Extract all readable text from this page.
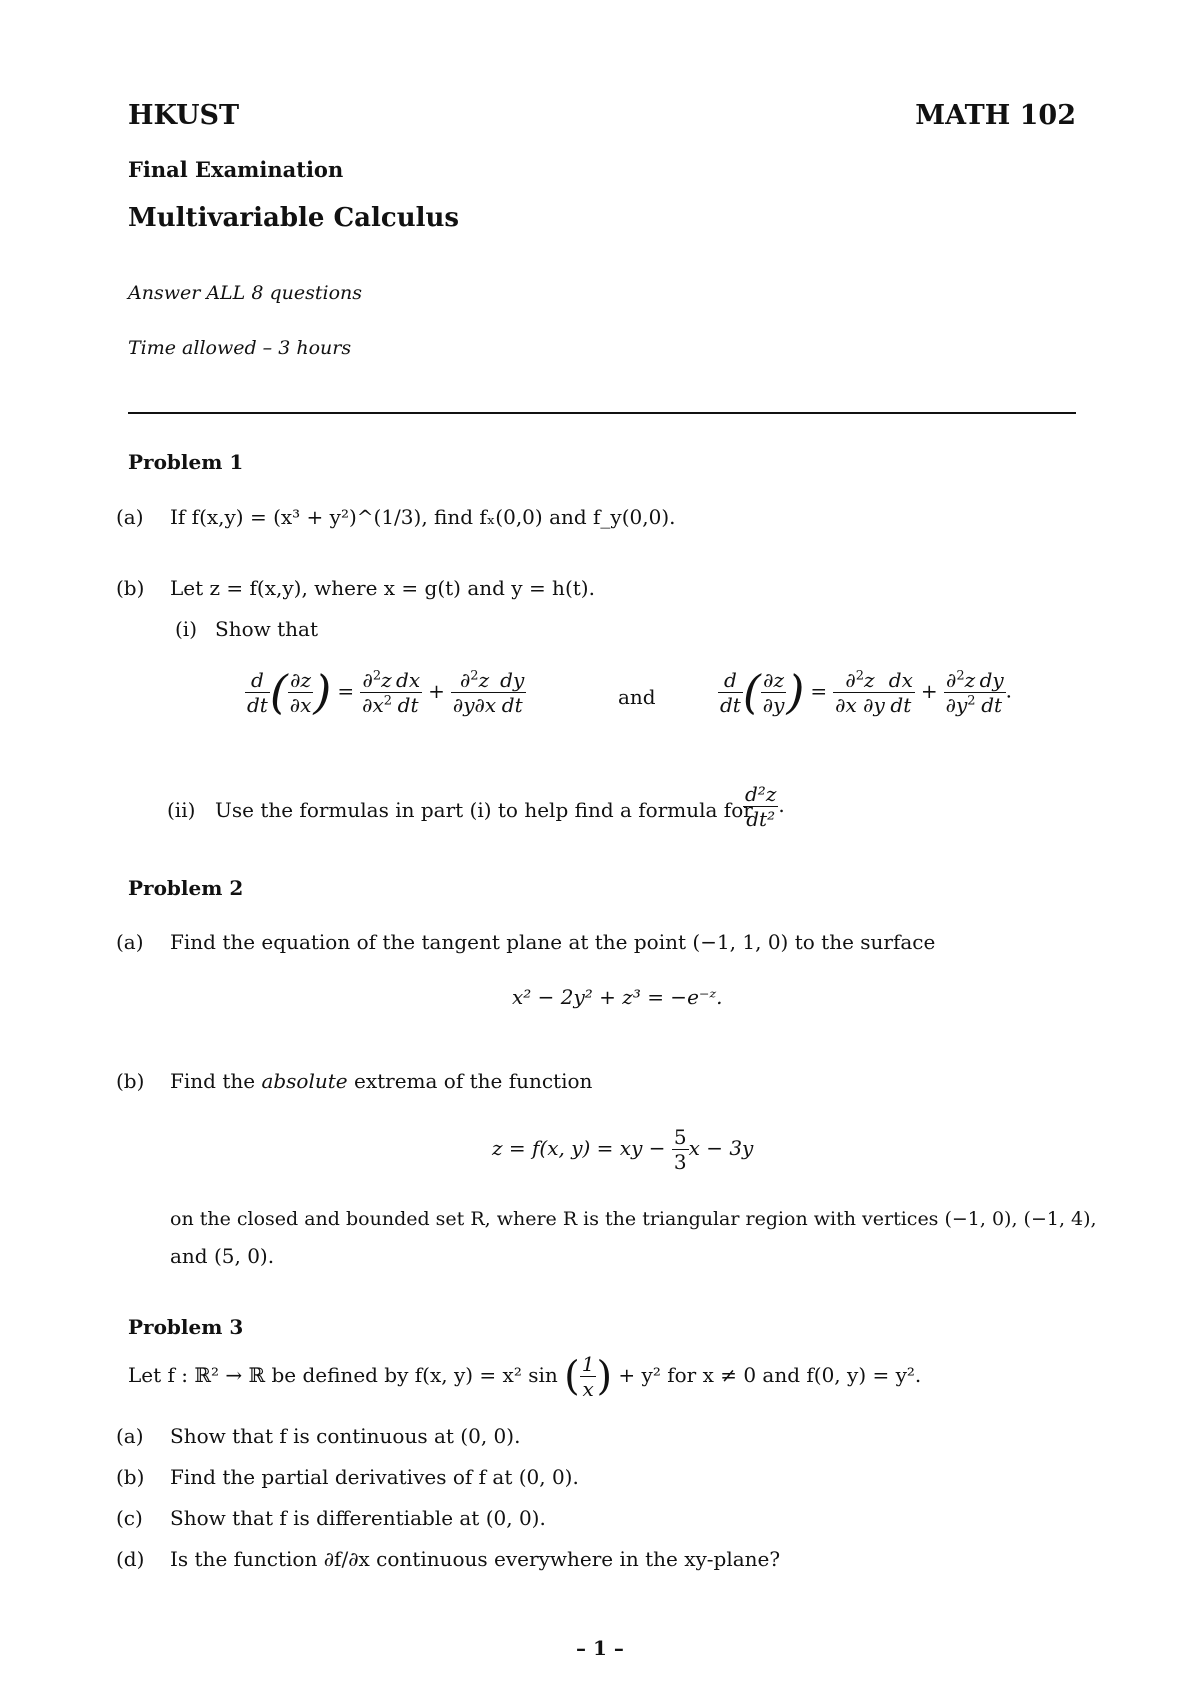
HKUST	MATH 102
Final Examination
Multivariable Calculus
Answer ALL 8 questions
Time allowed – 3 hours
Problem 1
(a) If f(x,y) = (x³ + y²)^(1/3), find fₓ(0,0) and f_y(0,0).
(b) Let z = f(x,y), where x = g(t) and y = h(t).
(i) Show that
$\frac{d}{dt}$ ( $\frac{\partial z}{\partial x}$ ) = $\frac{\partial^2z}{\partial x^2} \frac{dx}{dt} + \frac{\partial^2z}{\partial y\partial x} \frac{dy}{dt}$	and	$\frac{d}{dt}$ ( $\frac{\partial z}{\partial y}$ ) = $\frac{\partial^2z}{\partial x \partial y} \frac{dx}{dt} + \frac{\partial^2z}{\partial y^2} \frac{dy}{dt}$ .
(ii) Use the formulas in part (i) to help find a formula for
$\frac{\text{d²z}}{\text{dt²}}$ .
Problem 2
(a) Find the equation of the tangent plane at the point (−1, 1, 0) to the surface
x² − 2y² + z³ = −e⁻ᶻ.
(b) Find the absolute extrema of the function
z = f(x, y) = xy − $\frac{5}{3}$ x − 3y
on the closed and bounded set R, where R is the triangular region with vertices (−1, 0), (−1, 4),
and (5, 0).
Problem 3
Let f : ℝ² → ℝ be defined by f(x, y) = x² sin ( $\frac{1}{x}$ ) + y² for x ≠ 0 and f(0, y) = y².
(a) Show that f is continuous at (0, 0).
(b) Find the partial derivatives of f at (0, 0).
(c) Show that f is differentiable at (0, 0).
(d) Is the function ∂f/∂x continuous everywhere in the xy-plane?
– 1 –
